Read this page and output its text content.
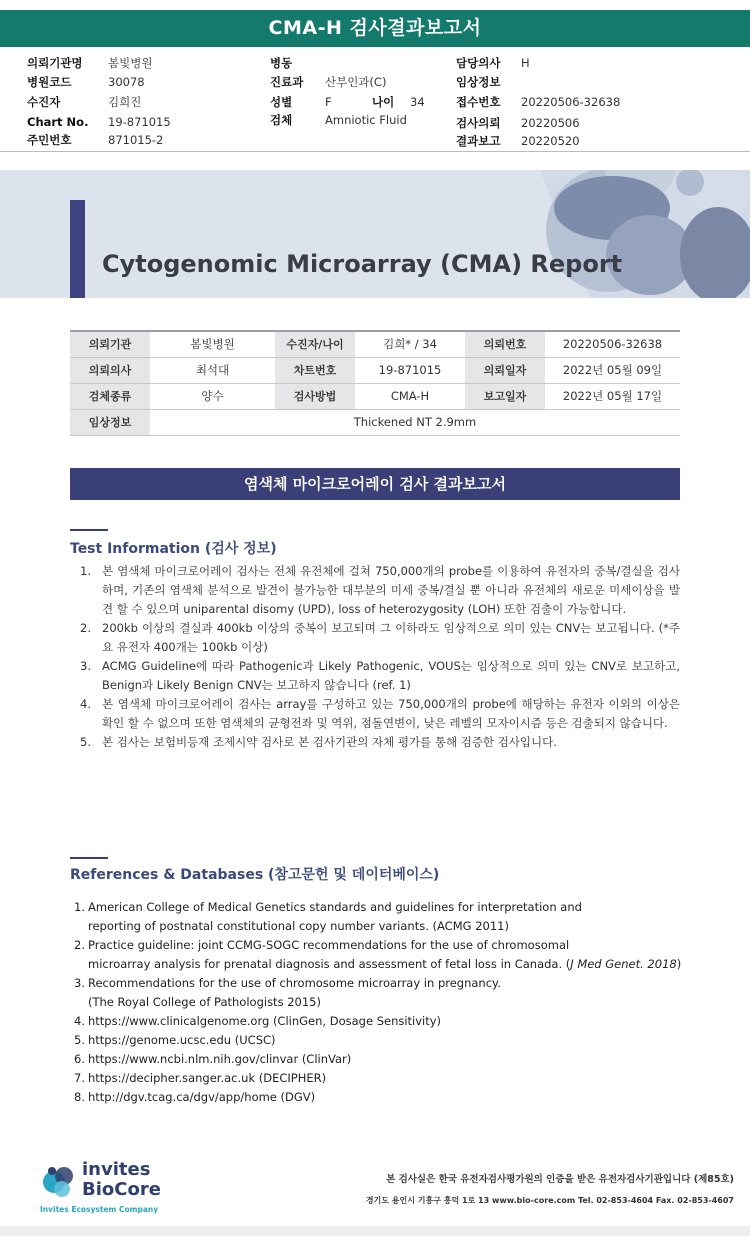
CMA-H 검사결과보고서
의뢰기관명 봄빛병원
병원코드	30078
수진자	김희진
Chart No. 19-871015
주민번호	871015-2
병동
진료과 산부인과(C)
성별	F	나이 34
검체	Amniotic Fluid
담당의사 H
임상정보
접수번호 20220506-32638
검사의뢰 20220506
결과보고 20220520
Cytogenomic Microarray (CMA) Report
의뢰기관	봄빛병원	수진자/나이	김희* / 34	의뢰번호	20220506-32638
의뢰의사	최석대	차트번호	19-871015	의뢰일자	2022년 05월 09일
검체종류	양수	검사방법	CMA-H	보고일자	2022년 05월 17일
임상정보	Thickened NT 2.9mm				
염색체 마이크로어레이 검사 결과보고서
Test Information (검사 정보)
1. 본 염색체 마이크로어레이 검사는 전체 유전체에 걸쳐 750,000개의 probe를 이용하여 유전자의 중복/결실을 검사하며, 기존의 염색체 분석으로 발견이 불가능한 대부분의 미세 중복/결실 뿐 아니라 유전체의 새로운 미세이상을 발견 할 수 있으며 uniparental disomy (UPD), loss of heterozygosity (LOH) 또한 검출이 가능합니다.
2. 200kb 이상의 결실과 400kb 이상의 중복이 보고되며 그 이하라도 임상적으로 의미 있는 CNV는 보고됩니다. (*주요 유전자 400개는 100kb 이상)
3. ACMG Guideline에 따라 Pathogenic과 Likely Pathogenic, VOUS는 임상적으로 의미 있는 CNV로 보고하고, Benign과 Likely Benign CNV는 보고하지 않습니다 (ref. 1)
4. 본 염색체 마이크로어레이 검사는 array를 구성하고 있는 750,000개의 probe에 해당하는 유전자 이외의 이상은 확인 할 수 없으며 또한 염색체의 균형전좌 및 역위, 점돌연변이, 낮은 레벨의 모자이시즘 등은 검출되지 않습니다.
5. 본 검사는 보험비등재 조제시약 검사로 본 검사기관의 자체 평가를 통해 검증한 검사입니다.
References & Databases (참고문헌 및 데이터베이스)
1. American College of Medical Genetics standards and guidelines for interpretation and
reporting of postnatal constitutional copy number variants. (ACMG 2011)
2. Practice guideline: joint CCMG-SOGC recommendations for the use of chromosomal
microarray analysis for prenatal diagnosis and assessment of fetal loss in Canada. (J Med Genet. 2018)
3. Recommendations for the use of chromosome microarray in pregnancy.
(The Royal College of Pathologists 2015)
4. https://www.clinicalgenome.org (ClinGen, Dosage Sensitivity)
5. https://genome.ucsc.edu (UCSC)
6. https://www.ncbi.nlm.nih.gov/clinvar (ClinVar)
7. https://decipher.sanger.ac.uk (DECIPHER)
8. http://dgv.tcag.ca/dgv/app/home (DGV)
invites
BioCore
Invites Ecosystem Company
본 검사실은 한국 유전자검사평가원의 인증을 받은 유전자검사기관입니다 (제85호)
경기도 용인시 기흥구 흥덕 1로 13 www.bio-core.com Tel. 02-853-4604 Fax. 02-853-4607
